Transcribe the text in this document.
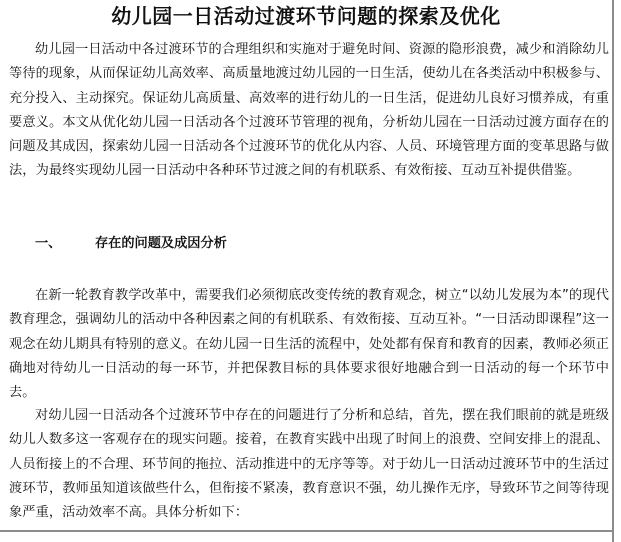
幼儿园一日活动过渡环节问题的探索及优化

幼儿园一日活动中各过渡环节的合理组织和实施对于避免时间、资源的隐形浪费，减少和消除幼儿等待的现象，从而保证幼儿高效率、高质量地渡过幼儿园的一日生活，使幼儿在各类活动中积极参与、充分投入、主动探究。保证幼儿高质量、高效率的进行幼儿的一日生活，促进幼儿良好习惯养成，有重要意义。本文从优化幼儿园一日活动各个过渡环节管理的视角，分析幼儿园在一日活动过渡方面存在的问题及其成因，探索幼儿园一日活动各个过渡环节的优化从内容、人员、环境管理方面的变革思路与做法，为最终实现幼儿园一日活动中各种环节过渡之间的有机联系、有效衔接、互动互补提供借鉴。

一、	存在的问题及成因分析

在新一轮教育教学改革中，需要我们必须彻底改变传统的教育观念，树立“以幼儿发展为本”的现代教育理念，强调幼儿的活动中各种因素之间的有机联系、有效衔接、互动互补。“一日活动即课程”这一观念在幼儿期具有特别的意义。在幼儿园一日生活的流程中，处处都有保育和教育的因素，教师必须正确地对待幼儿一日活动的每一环节，并把保教目标的具体要求很好地融合到一日活动的每一个环节中去。

对幼儿园一日活动各个过渡环节中存在的问题进行了分析和总结，首先，摆在我们眼前的就是班级幼儿人数多这一客观存在的现实问题。接着，在教育实践中出现了时间上的浪费、空间安排上的混乱、人员衔接上的不合理、环节间的拖拉、活动推进中的无序等等。对于幼儿一日活动过渡环节中的生活过渡环节，教师虽知道该做些什么，但衔接不紧凑，教育意识不强，幼儿操作无序，导致环节之间等待现象严重，活动效率不高。具体分析如下：
